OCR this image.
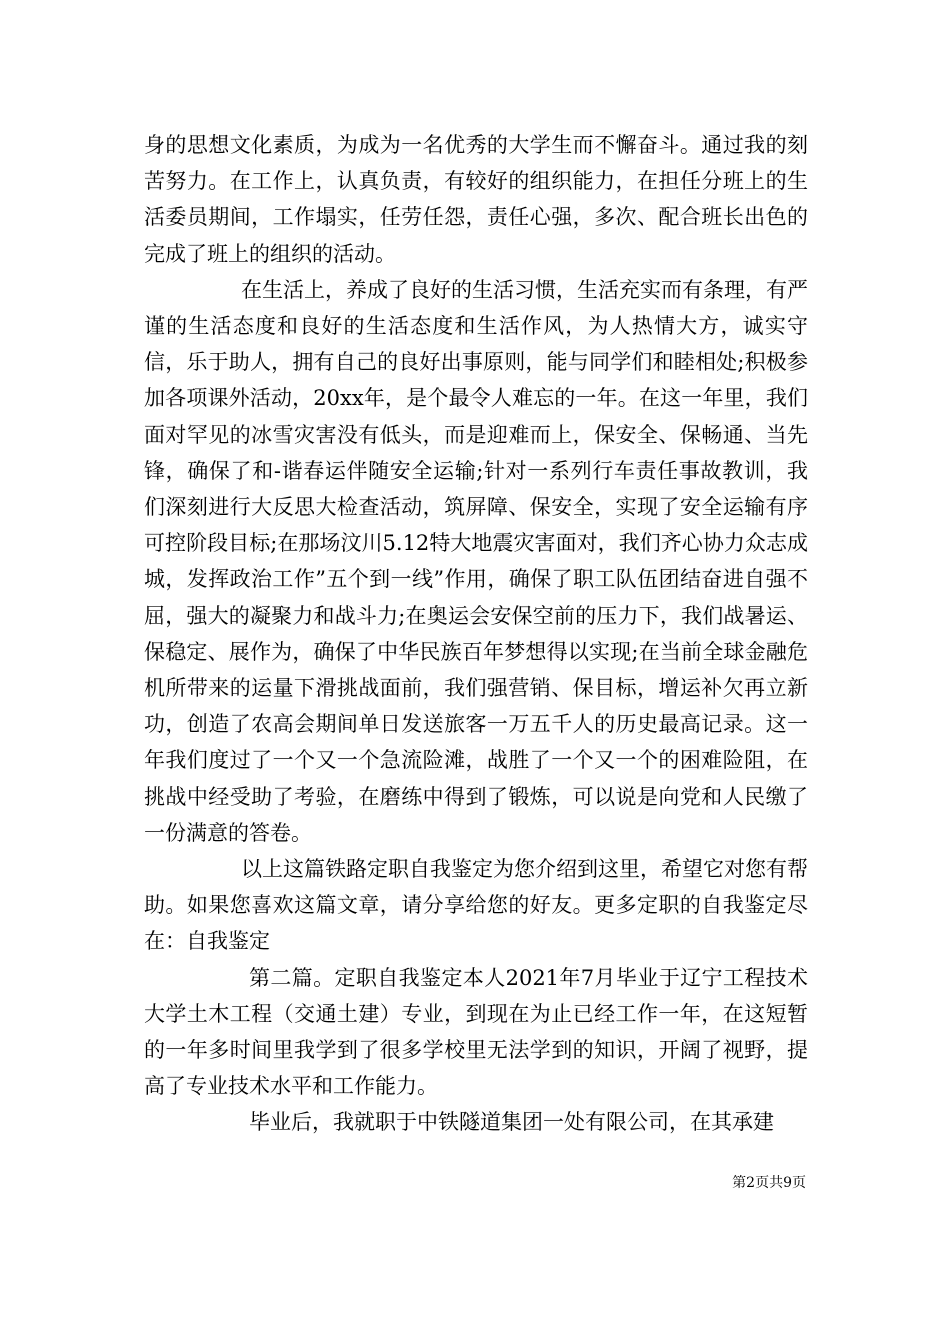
身的思想文化素质，为成为一名优秀的大学生而不懈奋斗。通过我的刻苦努力。在工作上，认真负责，有较好的组织能力，在担任分班上的生活委员期间，工作塌实，任劳任怨，责任心强，多次、配合班长出色的完成了班上的组织的活动。

在生活上，养成了良好的生活习惯，生活充实而有条理，有严谨的生活态度和良好的生活态度和生活作风，为人热情大方，诚实守信，乐于助人，拥有自己的良好出事原则，能与同学们和睦相处;积极参加各项课外活动，20xx年，是个最令人难忘的一年。在这一年里，我们面对罕见的冰雪灾害没有低头，而是迎难而上，保安全、保畅通、当先锋，确保了和-谐春运伴随安全运输;针对一系列行车责任事故教训，我们深刻进行大反思大检查活动，筑屏障、保安全，实现了安全运输有序可控阶段目标;在那场汶川5.12特大地震灾害面对，我们齐心协力众志成城，发挥政治工作”五个到一线”作用，确保了职工队伍团结奋进自强不屈，强大的凝聚力和战斗力;在奥运会安保空前的压力下，我们战暑运、保稳定、展作为，确保了中华民族百年梦想得以实现;在当前全球金融危机所带来的运量下滑挑战面前，我们强营销、保目标，增运补欠再立新功，创造了农高会期间单日发送旅客一万五千人的历史最高记录。这一年我们度过了一个又一个急流险滩，战胜了一个又一个的困难险阻，在挑战中经受助了考验，在磨练中得到了锻炼，可以说是向党和人民缴了一份满意的答卷。

以上这篇铁路定职自我鉴定为您介绍到这里，希望它对您有帮助。如果您喜欢这篇文章，请分享给您的好友。更多定职的自我鉴定尽在：自我鉴定

第二篇。定职自我鉴定本人2021年7月毕业于辽宁工程技术大学土木工程（交通土建）专业，到现在为止已经工作一年，在这短暂的一年多时间里我学到了很多学校里无法学到的知识，开阔了视野，提高了专业技术水平和工作能力。

毕业后，我就职于中铁隧道集团一处有限公司，在其承建

第2页共9页
